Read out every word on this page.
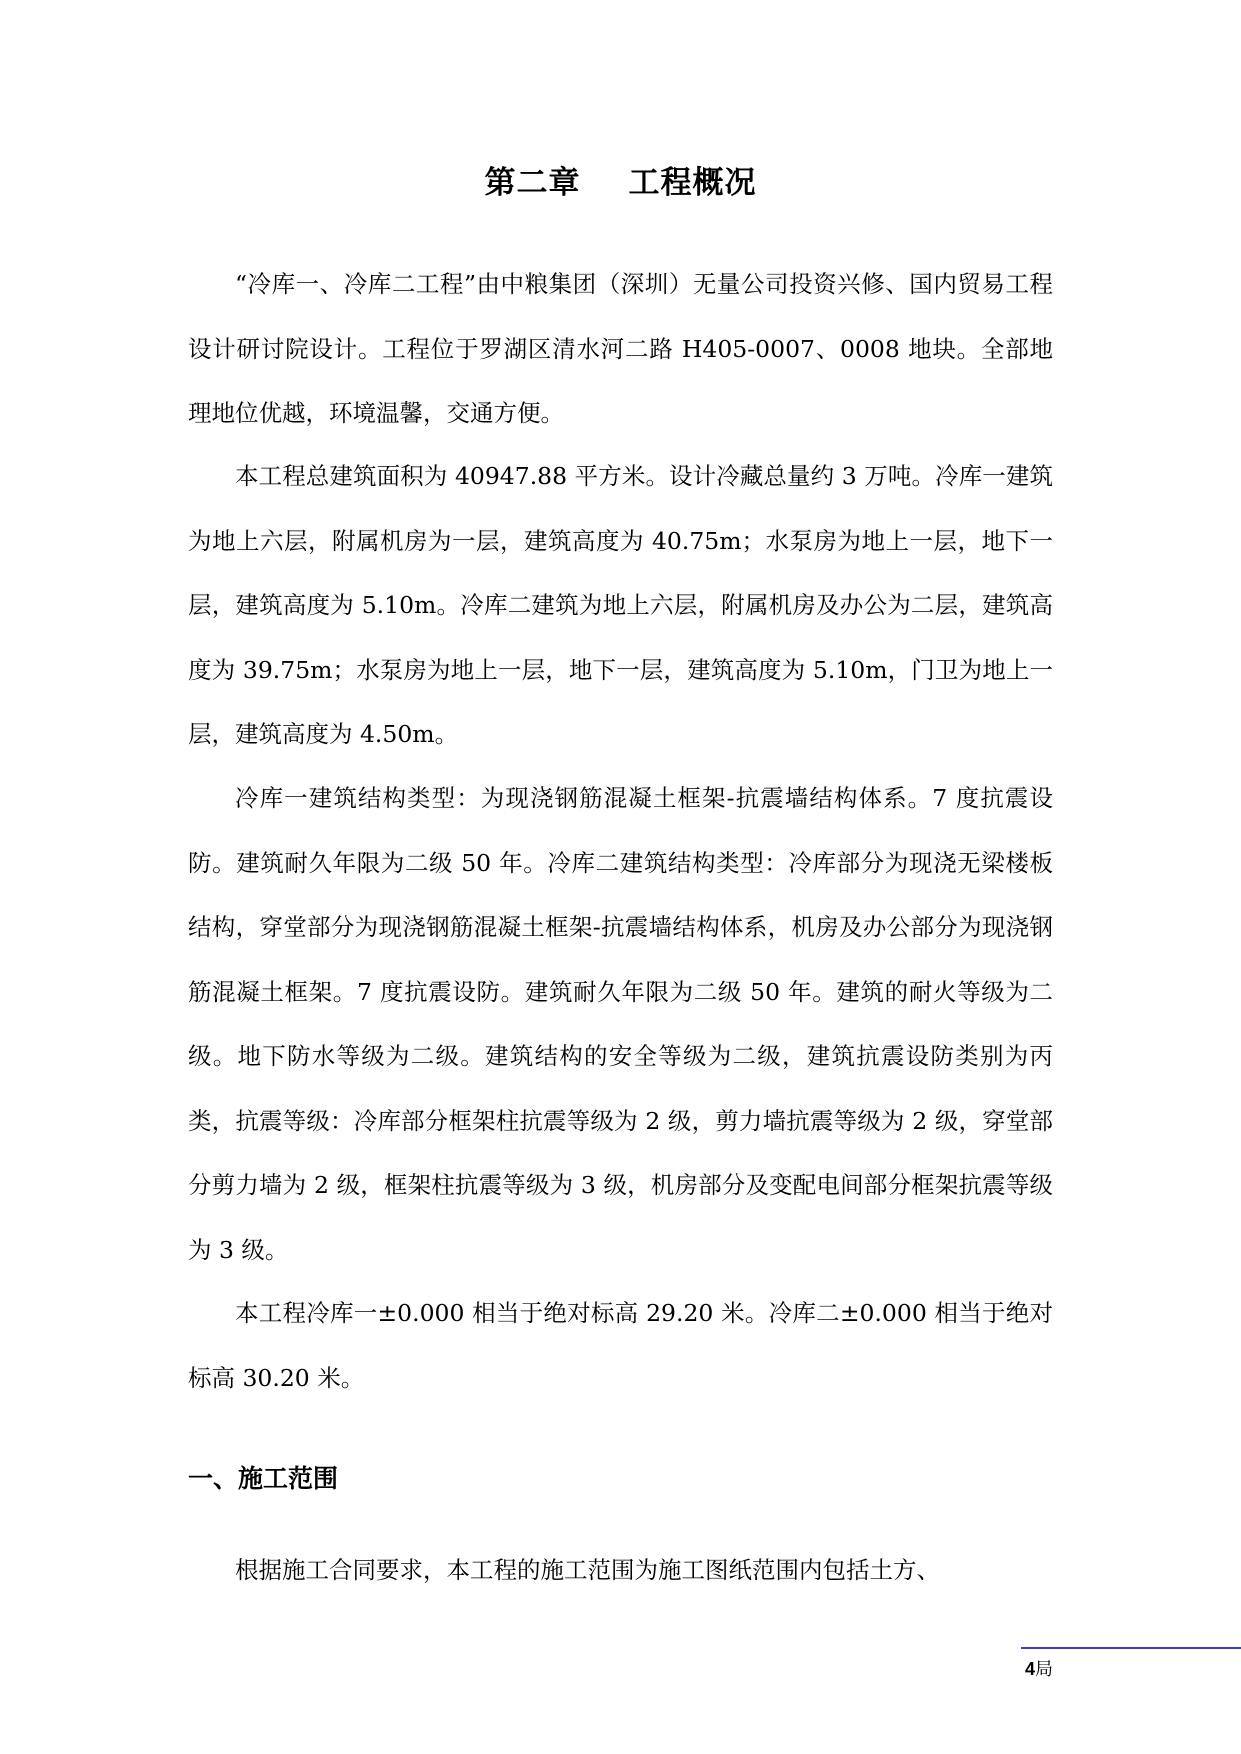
第二章 工程概况

“冷库一、冷库二工程”由中粮集团（深圳）无量公司投资兴修、国内贸易工程设计研讨院设计。工程位于罗湖区清水河二路 H405-0007、0008 地块。全部地理地位优越，环境温馨，交通方便。

本工程总建筑面积为 40947.88 平方米。设计冷藏总量约 3 万吨。冷库一建筑为地上六层，附属机房为一层，建筑高度为 40.75m；水泵房为地上一层，地下一层，建筑高度为 5.10m。冷库二建筑为地上六层，附属机房及办公为二层，建筑高度为 39.75m；水泵房为地上一层，地下一层，建筑高度为 5.10m，门卫为地上一层，建筑高度为 4.50m。

冷库一建筑结构类型：为现浇钢筋混凝土框架-抗震墙结构体系。7 度抗震设防。建筑耐久年限为二级 50 年。冷库二建筑结构类型：冷库部分为现浇无梁楼板结构，穿堂部分为现浇钢筋混凝土框架-抗震墙结构体系，机房及办公部分为现浇钢筋混凝土框架。7 度抗震设防。建筑耐久年限为二级 50 年。建筑的耐火等级为二级。地下防水等级为二级。建筑结构的安全等级为二级，建筑抗震设防类别为丙类，抗震等级：冷库部分框架柱抗震等级为 2 级，剪力墙抗震等级为 2 级，穿堂部分剪力墙为 2 级，框架柱抗震等级为 3 级，机房部分及变配电间部分框架抗震等级为 3 级。

本工程冷库一±0.000 相当于绝对标高 29.20 米。冷库二±0.000 相当于绝对标高 30.20 米。

一、施工范围

根据施工合同要求，本工程的施工范围为施工图纸范围内包括土方、

4局
